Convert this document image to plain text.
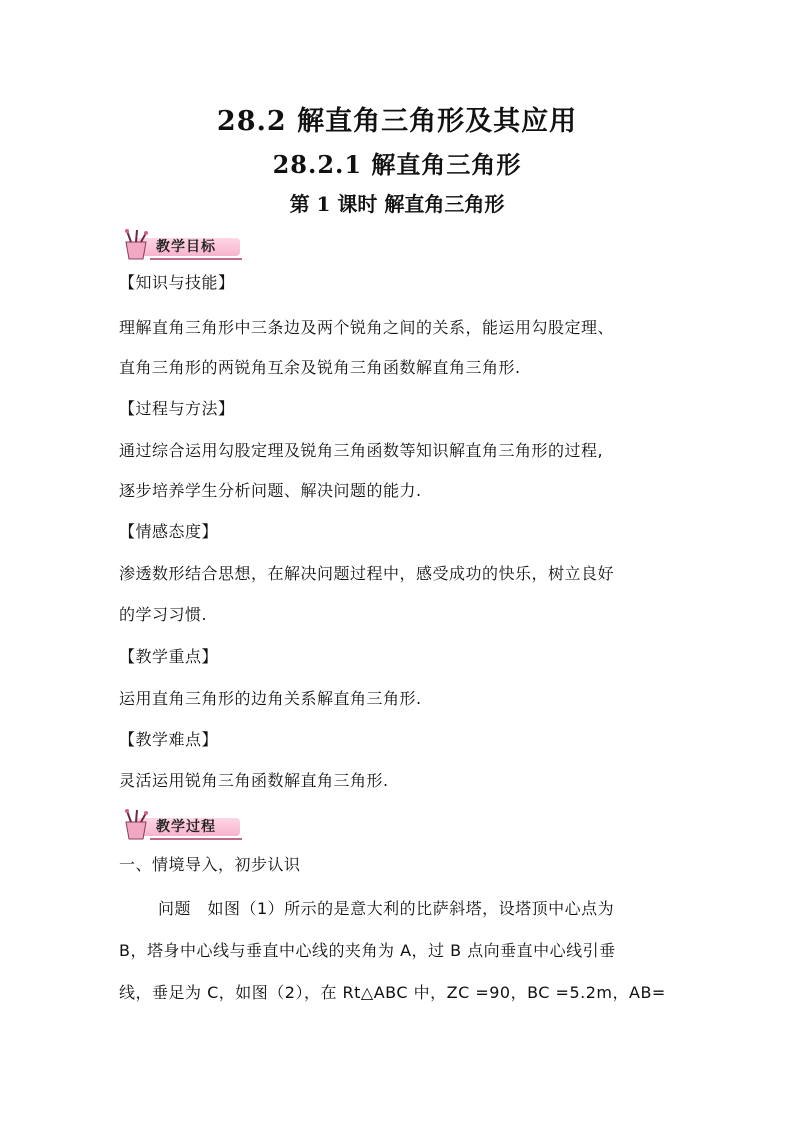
28.2 解直角三角形及其应用
28.2.1 解直角三角形
第 1 课时 解直角三角形
教学目标
【知识与技能】
理解直角三角形中三条边及两个锐角之间的关系，能运用勾股定理、
直角三角形的两锐角互余及锐角三角函数解直角三角形.
【过程与方法】
通过综合运用勾股定理及锐角三角函数等知识解直角三角形的过程,
逐步培养学生分析问题、解决问题的能力.
【情感态度】
渗透数形结合思想，在解决问题过程中，感受成功的快乐，树立良好
的学习习惯.
【教学重点】
运用直角三角形的边角关系解直角三角形.
【教学难点】
灵活运用锐角三角函数解直角三角形.
教学过程
一、情境导入，初步认识
问题　如图（1）所示的是意大利的比萨斜塔，设塔顶中心点为
B，塔身中心线与垂直中心线的夹角为 A，过 B 点向垂直中心线引垂
线，垂足为 C，如图（2），在 Rt△ABC 中，ZC =90，BC =5.2m，AB=
